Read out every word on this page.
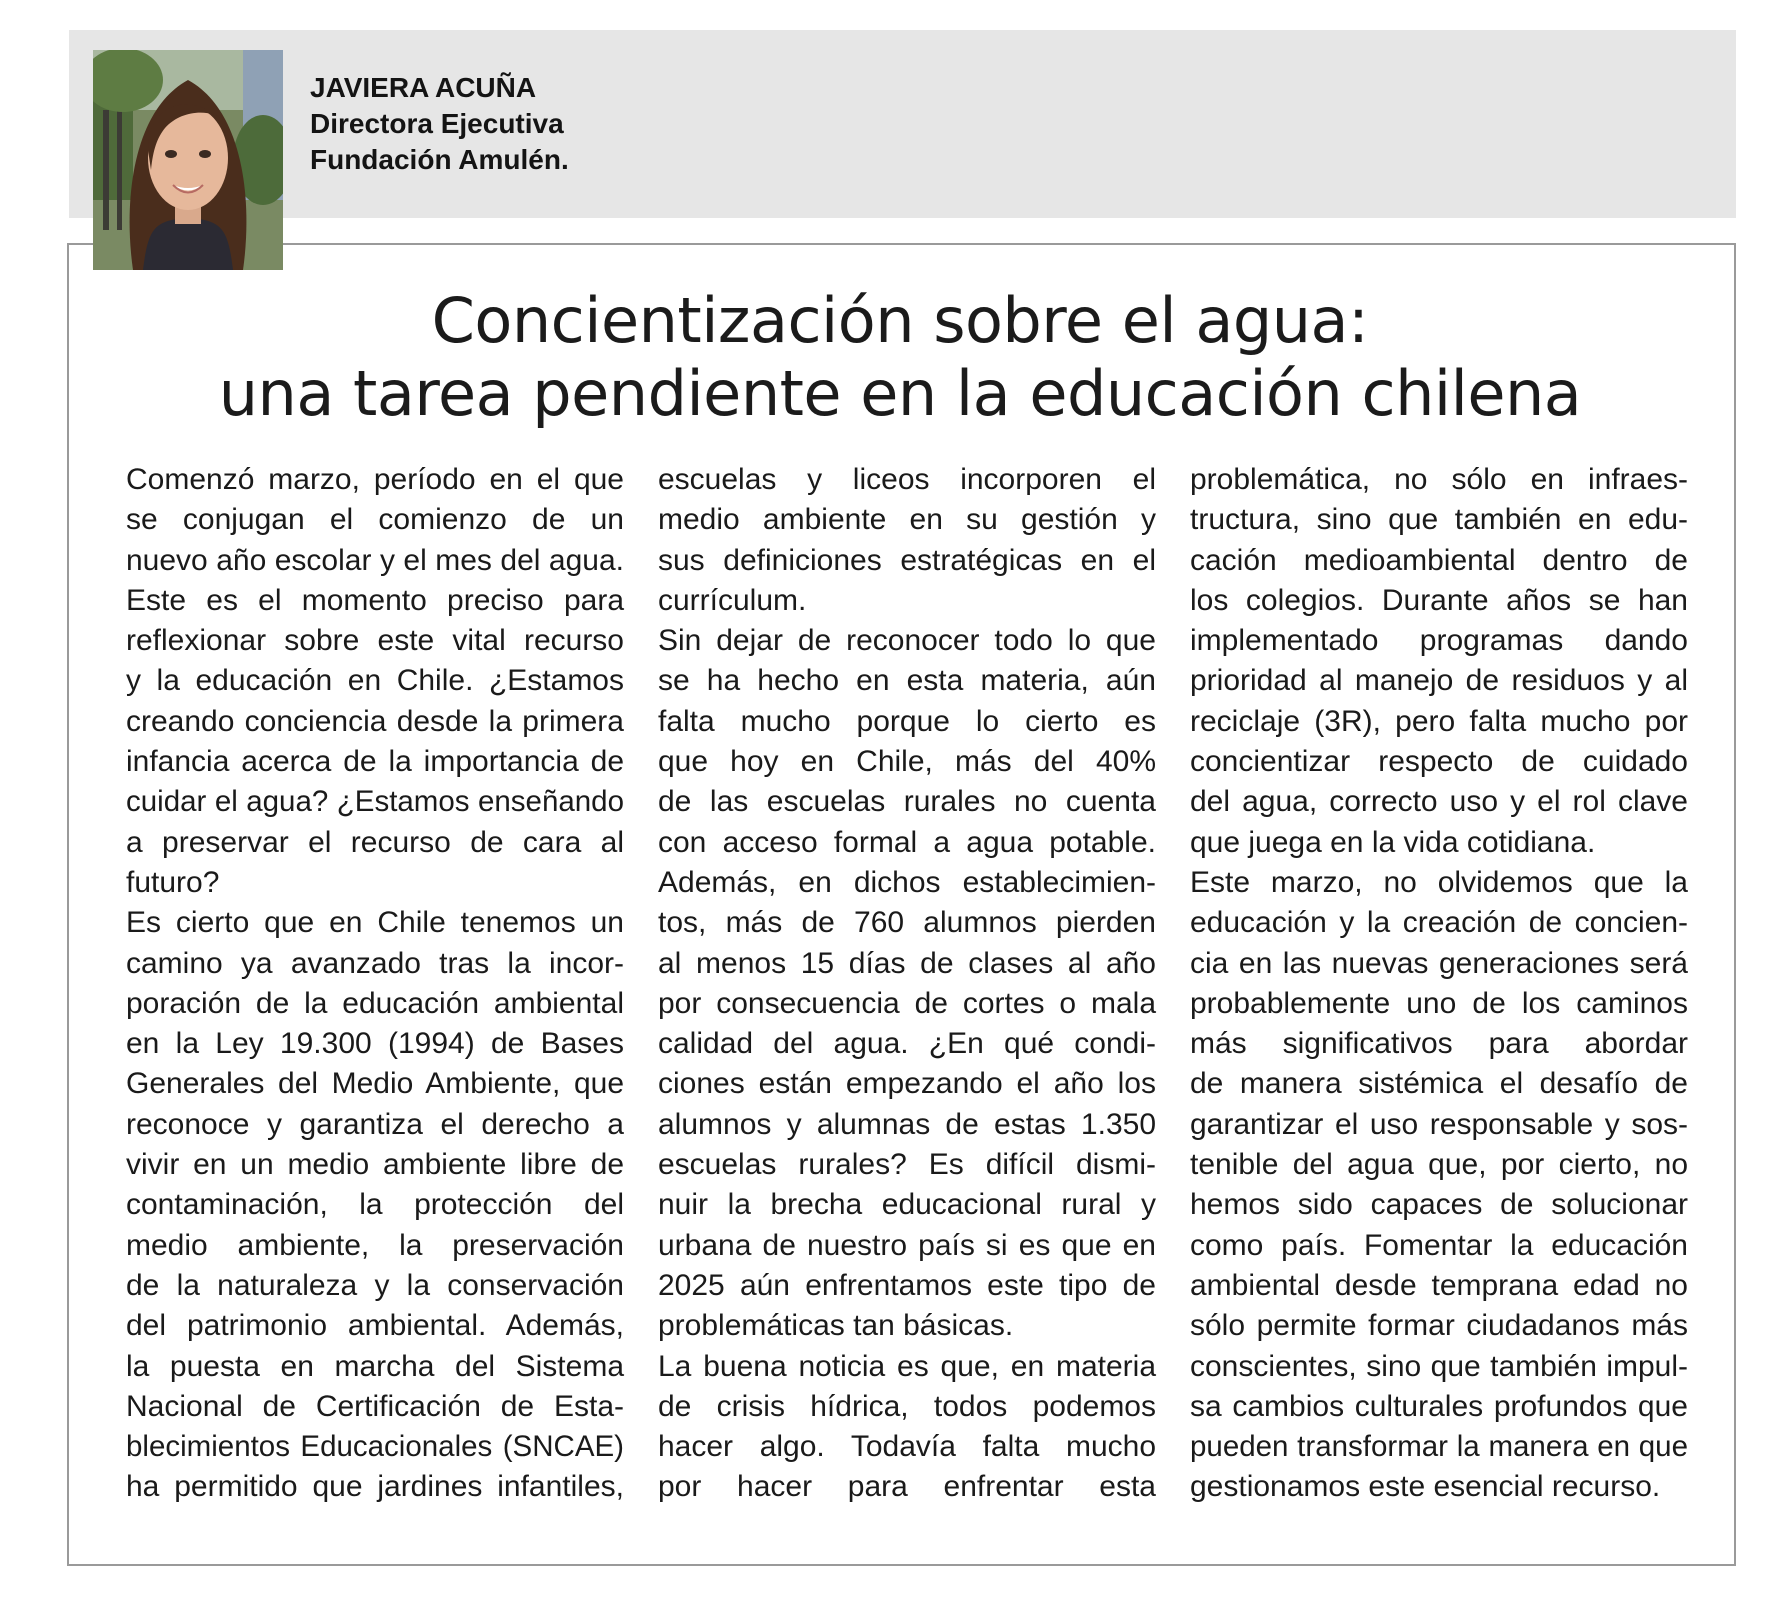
JAVIERA ACUÑA
Directora Ejecutiva
Fundación Amulén.
Concientización sobre el agua:
una tarea pendiente en la educación chilena
Comenzó marzo, período en el que
se conjugan el comienzo de un
nuevo año escolar y el mes del agua.
Este es el momento preciso para
reflexionar sobre este vital recurso
y la educación en Chile. ¿Estamos
creando conciencia desde la primera
infancia acerca de la importancia de
cuidar el agua? ¿Estamos enseñando
a preservar el recurso de cara al
futuro?
Es cierto que en Chile tenemos un
camino ya avanzado tras la incor-
poración de la educación ambiental
en la Ley 19.300 (1994) de Bases
Generales del Medio Ambiente, que
reconoce y garantiza el derecho a
vivir en un medio ambiente libre de
contaminación, la protección del
medio ambiente, la preservación
de la naturaleza y la conservación
del patrimonio ambiental. Además,
la puesta en marcha del Sistema
Nacional de Certificación de Esta-
blecimientos Educacionales (SNCAE)
ha permitido que jardines infantiles,
escuelas y liceos incorporen el
medio ambiente en su gestión y
sus definiciones estratégicas en el
currículum.
Sin dejar de reconocer todo lo que
se ha hecho en esta materia, aún
falta mucho porque lo cierto es
que hoy en Chile, más del 40%
de las escuelas rurales no cuenta
con acceso formal a agua potable.
Además, en dichos establecimien-
tos, más de 760 alumnos pierden
al menos 15 días de clases al año
por consecuencia de cortes o mala
calidad del agua. ¿En qué condi-
ciones están empezando el año los
alumnos y alumnas de estas 1.350
escuelas rurales? Es difícil dismi-
nuir la brecha educacional rural y
urbana de nuestro país si es que en
2025 aún enfrentamos este tipo de
problemáticas tan básicas.
La buena noticia es que, en materia
de crisis hídrica, todos podemos
hacer algo. Todavía falta mucho
por hacer para enfrentar esta
problemática, no sólo en infraes-
tructura, sino que también en edu-
cación medioambiental dentro de
los colegios. Durante años se han
implementado programas dando
prioridad al manejo de residuos y al
reciclaje (3R), pero falta mucho por
concientizar respecto de cuidado
del agua, correcto uso y el rol clave
que juega en la vida cotidiana.
Este marzo, no olvidemos que la
educación y la creación de concien-
cia en las nuevas generaciones será
probablemente uno de los caminos
más significativos para abordar
de manera sistémica el desafío de
garantizar el uso responsable y sos-
tenible del agua que, por cierto, no
hemos sido capaces de solucionar
como país. Fomentar la educación
ambiental desde temprana edad no
sólo permite formar ciudadanos más
conscientes, sino que también impul-
sa cambios culturales profundos que
pueden transformar la manera en que
gestionamos este esencial recurso.
